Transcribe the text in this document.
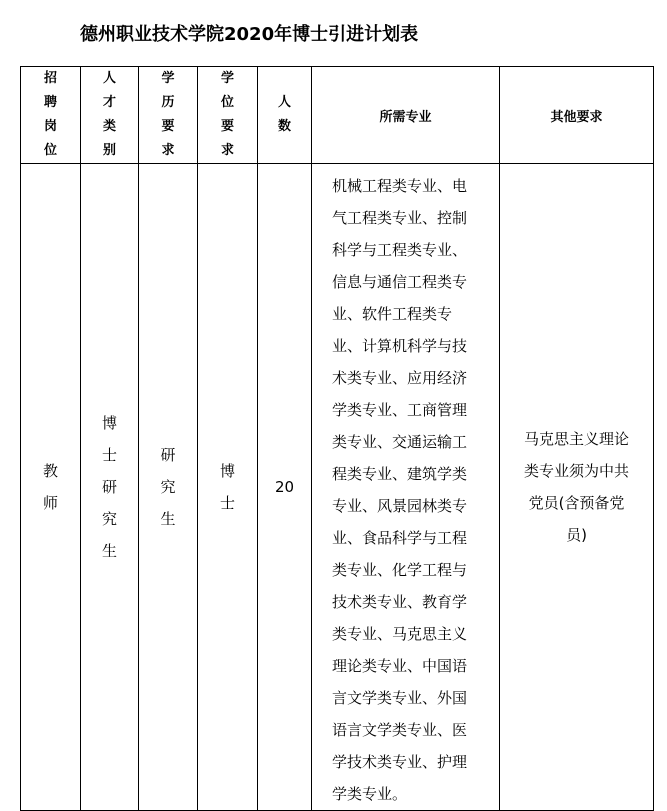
德州职业技术学院2020年博士引进计划表
招聘岗位	人才类别	学历要求	学位要求	人数	所需专业	其他要求
教师	博士研究生	研究生	博士	20	机械工程类专业、电气工程类专业、控制科学与工程类专业、信息与通信工程类专业、软件工程类专业、计算机科学与技术类专业、应用经济学类专业、工商管理类专业、交通运输工程类专业、建筑学类专业、风景园林类专业、食品科学与工程类专业、化学工程与技术类专业、教育学类专业、马克思主义理论类专业、中国语言文学类专业、外国语言文学类专业、医学技术类专业、护理学类专业。	马克思主义理论类专业须为中共党员(含预备党员)
